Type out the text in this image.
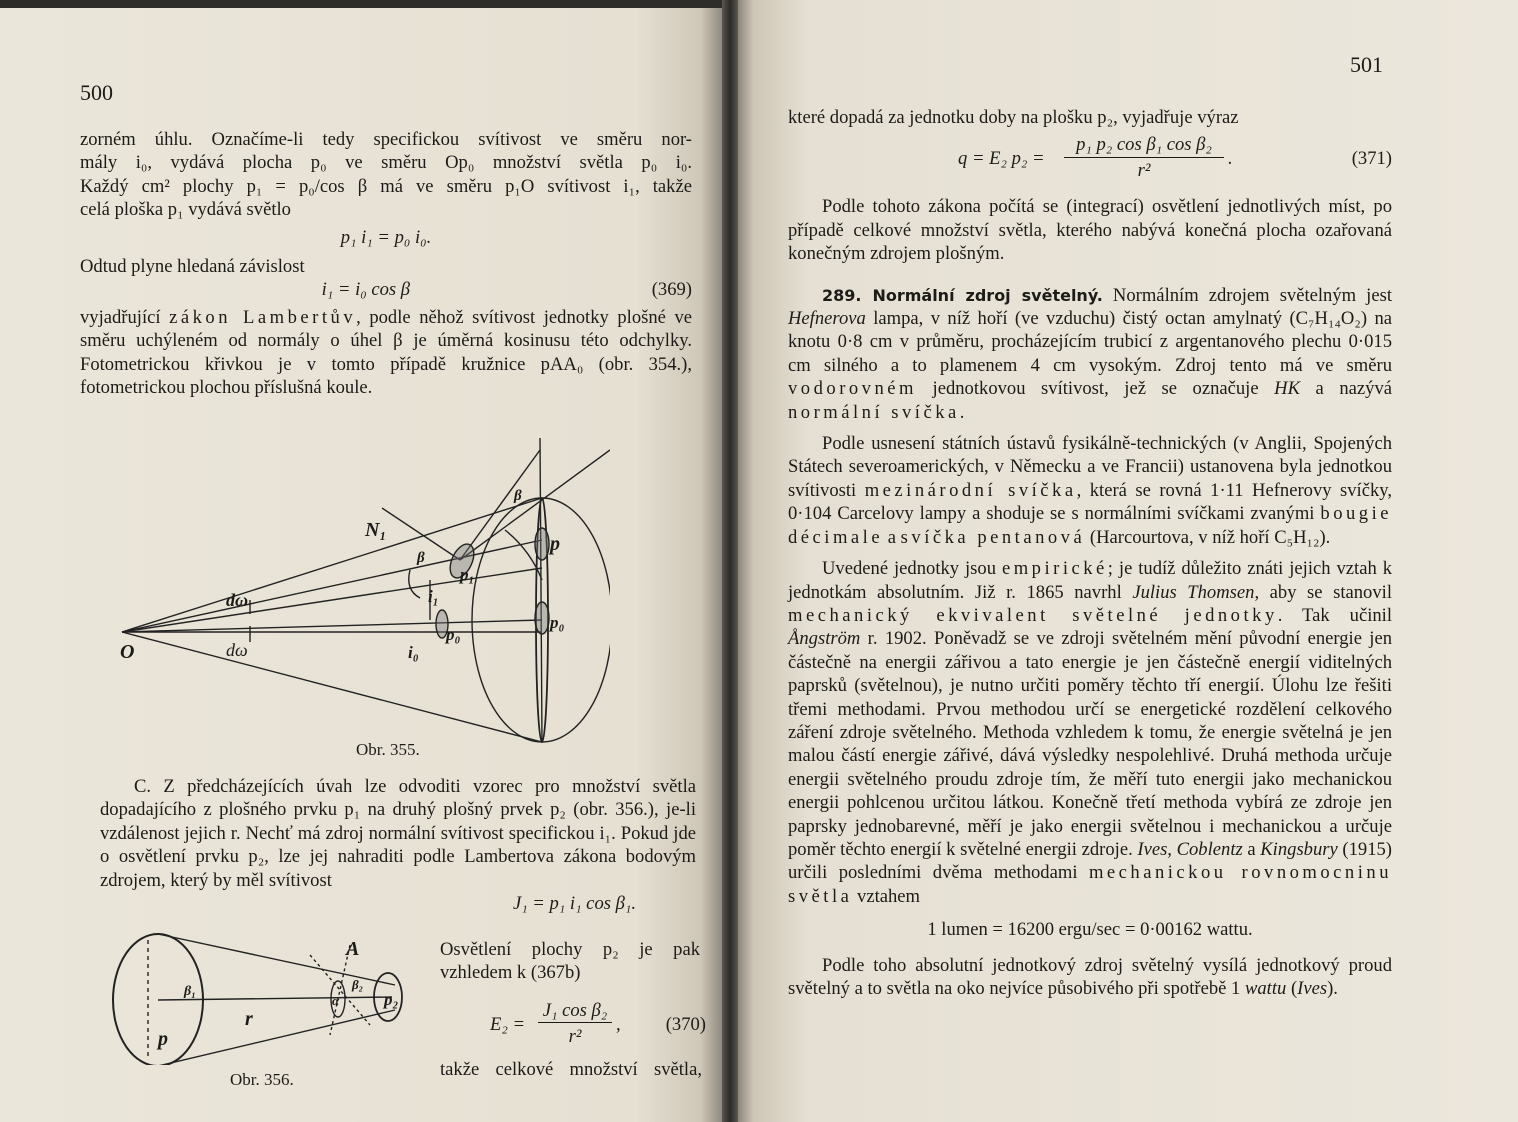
500

zorném úhlu. Označíme-li tedy specifickou svítivost ve směru nor-

mály i₀, vydává plocha p₀ ve směru Op₀ množství světla p₀ i₀.

Každý cm² plochy p₁ = p₀/cos β má ve směru p₁O svítivost i₁, takže

celá ploška p₁ vydává světlo

p₁ i₁ = p₀ i₀.

Odtud plyne hledaná závislost

(369)
i₁ = i₀ cos β

vyjadřující zákon Lambertův, podle něhož svítivost jednotky plošné ve směru uchýleném od normály o úhel β je úměrná kosinusu této odchylky. Fotometrickou křivkou je v tomto případě kružnice pAA₀ (obr. 354.), fotometrickou plochou příslušná koule.

N₁
β
β
p
p₁
p₀
p₀
i₁
i₀
dω
dω
O
Obr. 355.

C. Z předcházejících úvah lze odvoditi vzorec pro množství světla dopadajícího z plošného prvku p₁ na druhý plošný prvek p₂ (obr. 356.), je-li vzdálenost jejich r. Nechť má zdroj normální svítivost specifickou i₁. Pokud jde o osvětlení prvku p₂, lze jej nahraditi podle Lambertova zákona bodovým zdrojem, který by měl svítivost

J₁ = p₁ i₁ cos β₁.

A
r
p
p₂
β₁	β₂
α
Obr. 356.

Osvětlení plochy p₂ je pak vzhledem k (367b)

E₂ =
J₁ cos β₂
r²
, (370)

takže celkové množství světla,

501

které dopadá za jednotku doby na plošku p₂, vyjadřuje výraz

q = E₂ p₂ =
p₁ p₂ cos β₁ cos β₂
r²
.	(371)

Podle tohoto zákona počítá se (integrací) osvětlení jednotlivých míst, po případě celkové množství světla, kterého nabývá konečná plocha ozařovaná konečným zdrojem plošným.

289. Normální zdroj světelný. Normálním zdrojem světelným jest Hefnerova lampa, v níž hoří (ve vzduchu) čistý octan amylnatý (C₇H₁₄O₂) na knotu 0·8 cm v průměru, procházejícím trubicí z argentanového plechu 0·015 cm silného a to plamenem 4 cm vysokým. Zdroj tento má ve směru vodorovném jednotkovou svítivost, jež se označuje HK a nazývá normální svíčka.

Podle usnesení státních ústavů fysikálně-technických (v Anglii, Spojených Státech severoamerických, v Německu a ve Francii) ustanovena byla jednotkou svítivosti mezinárodní svíčka, která se rovná 1·11 Hefnerovy svíčky, 0·104 Carcelovy lampy a shoduje se s normálními svíčkami zvanými bougie décimale a svíčka pentanová (Harcourtova, v níž hoří C₅H₁₂).

Uvedené jednotky jsou empirické; je tudíž důležito znáti jejich vztah k jednotkám absolutním. Již r. 1865 navrhl Julius Thomsen, aby se stanovil mechanický ekvivalent světelné jednotky. Tak učinil Ångström r. 1902. Poněvadž se ve zdroji světelném mění původní energie jen částečně na energii zářivou a tato energie je jen částečně energií viditelných paprsků (světelnou), je nutno určiti poměry těchto tří energií. Úlohu lze řešiti třemi methodami. Prvou methodou určí se energetické rozdělení celkového záření zdroje světelného. Methoda vzhledem k tomu, že energie světelná je jen malou částí energie zářivé, dává výsledky nespolehlivé. Druhá methoda určuje energii světelného proudu zdroje tím, že měří tuto energii jako mechanickou energii pohlcenou určitou látkou. Konečně třetí methoda vybírá ze zdroje jen paprsky jednobarevné, měří je jako energii světelnou i mechanickou a určuje poměr těchto energií k světelné energii zdroje. Ives, Coblentz a Kingsbury (1915) určili posledními dvěma methodami mechanickou rovnomocninu světla vztahem

1 lumen = 16200 ergu/sec = 0·00162 wattu.

Podle toho absolutní jednotkový zdroj světelný vysílá jednotkový proud světelný a to světla na oko nejvíce působivého při spotřebě 1 wattu (Ives).
